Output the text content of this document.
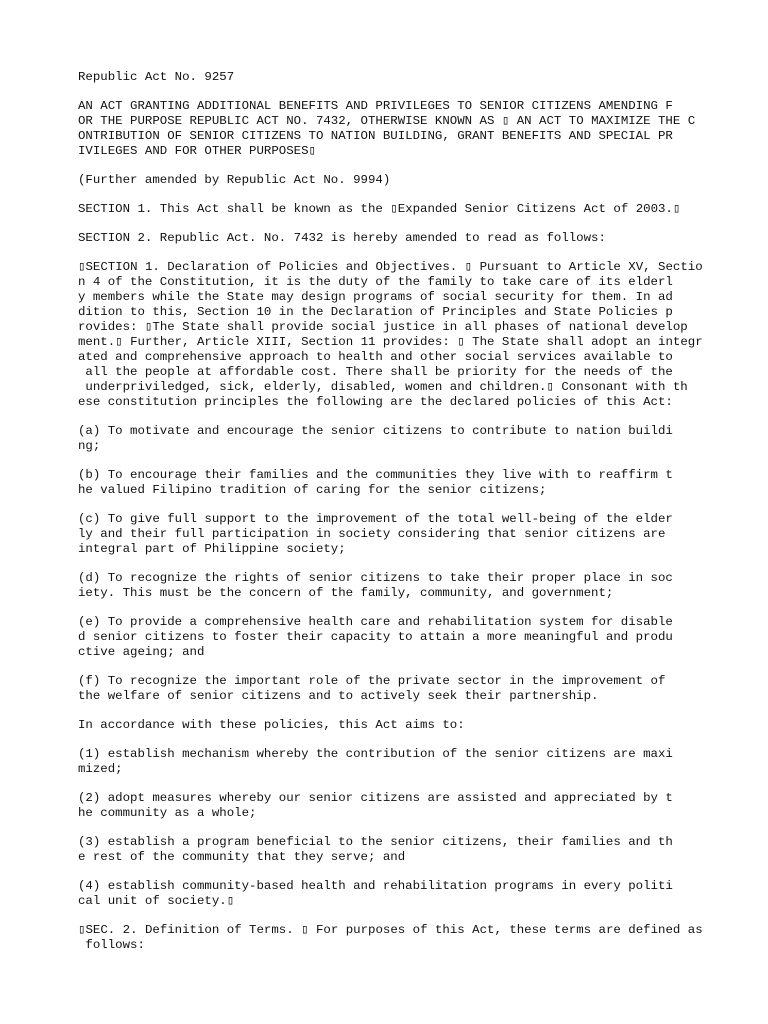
Republic Act No. 9257
AN ACT GRANTING ADDITIONAL BENEFITS AND PRIVILEGES TO SENIOR CITIZENS AMENDING F
OR THE PURPOSE REPUBLIC ACT NO. 7432, OTHERWISE KNOWN AS ▯ AN ACT TO MAXIMIZE THE C
ONTRIBUTION OF SENIOR CITIZENS TO NATION BUILDING, GRANT BENEFITS AND SPECIAL PR
IVILEGES AND FOR OTHER PURPOSES▯
(Further amended by Republic Act No. 9994)
SECTION 1. This Act shall be known as the ▯Expanded Senior Citizens Act of 2003.▯
SECTION 2. Republic Act. No. 7432 is hereby amended to read as follows:
▯SECTION 1. Declaration of Policies and Objectives. ▯ Pursuant to Article XV, Sectio
n 4 of the Constitution, it is the duty of the family to take care of its elderl
y members while the State may design programs of social security for them. In ad
dition to this, Section 10 in the Declaration of Principles and State Policies p
rovides: ▯The State shall provide social justice in all phases of national develop
ment.▯ Further, Article XIII, Section 11 provides: ▯ The State shall adopt an integr
ated and comprehensive approach to health and other social services available to
all the people at affordable cost. There shall be priority for the needs of the
underpriviledged, sick, elderly, disabled, women and children.▯ Consonant with th
ese constitution principles the following are the declared policies of this Act:
(a) To motivate and encourage the senior citizens to contribute to nation buildi
ng;
(b) To encourage their families and the communities they live with to reaffirm t
he valued Filipino tradition of caring for the senior citizens;
(c) To give full support to the improvement of the total well-being of the elder
ly and their full participation in society considering that senior citizens are
integral part of Philippine society;
(d) To recognize the rights of senior citizens to take their proper place in soc
iety. This must be the concern of the family, community, and government;
(e) To provide a comprehensive health care and rehabilitation system for disable
d senior citizens to foster their capacity to attain a more meaningful and produ
ctive ageing; and
(f) To recognize the important role of the private sector in the improvement of
the welfare of senior citizens and to actively seek their partnership.
In accordance with these policies, this Act aims to:
(1) establish mechanism whereby the contribution of the senior citizens are maxi
mized;
(2) adopt measures whereby our senior citizens are assisted and appreciated by t
he community as a whole;
(3) establish a program beneficial to the senior citizens, their families and th
e rest of the community that they serve; and
(4) establish community-based health and rehabilitation programs in every politi
cal unit of society.▯
▯SEC. 2. Definition of Terms. ▯ For purposes of this Act, these terms are defined as
follows:
